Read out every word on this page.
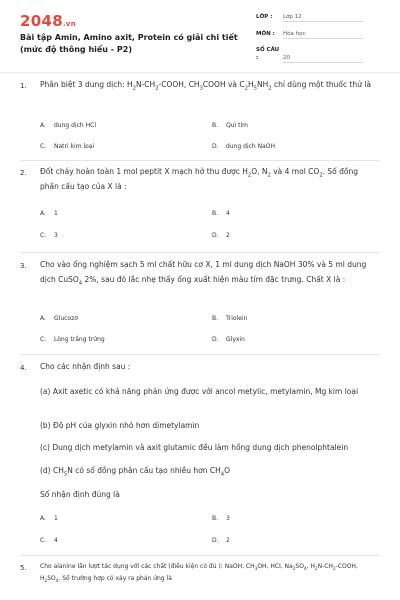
2048.vn
Bài tập Amin, Amino axit, Protein có giải chi tiết (mức độ thông hiểu - P2)
LỚP : Lớp 12
MÔN : Hóa học
SỐ CÂU :	20
1. Phân biệt 3 dung dịch: $H_2N-CH_2$-COOH, $CH_3COOH$ và $C_2H_5NH_2$ chỉ dùng một thuốc thử là
A. dung dịch HCl	B. Quì tím
C. Natri kim loại	D. dung dịch NaOH
2. Đốt cháy hoàn toàn 1 mol peptit X mạch hở thu được $H_2O$, $N_2$ và 4 mol $CO_2$. Số đồng phân cấu tạo của X là :
A. 1	B. 4
C. 3	D. 2
3. Cho vào ống nghiệm sạch 5 ml chất hữu cơ X, 1 ml dung dịch NaOH 30% và 5 ml dung dịch CuSO$_4$ 2%, sau đó lắc nhẹ thấy ống xuất hiện màu tím đặc trưng. Chất X là :
A. Glucozơ	B. Triolein
C. Lòng trắng trứng	D. Glyxin
4. Cho các nhận định sau :
(a) Axit axetic có khả năng phản ứng được với ancol metylic, metylamin, Mg kim loại
(b) Độ pH của glyxin nhỏ hơn dimetylamin
(c) Dung dịch metylamin và axit glutamic đều làm hồng dung dịch phenolphtalein
(d) $CH_5N$ có số đồng phân cấu tạo nhiều hơn $CH_4O$
Số nhận định đúng là
A. 1	B. 3
C. 4	D. 2
5. Cho alanine lần lượt tác dụng với các chất (điều kiện có đủ ): NaOH, $CH_3OH$, HCl, $Na_2SO_4$, $H_2N-CH_2$-COOH, $H_2SO_4$. Số trường hợp có xảy ra phản ứng là
